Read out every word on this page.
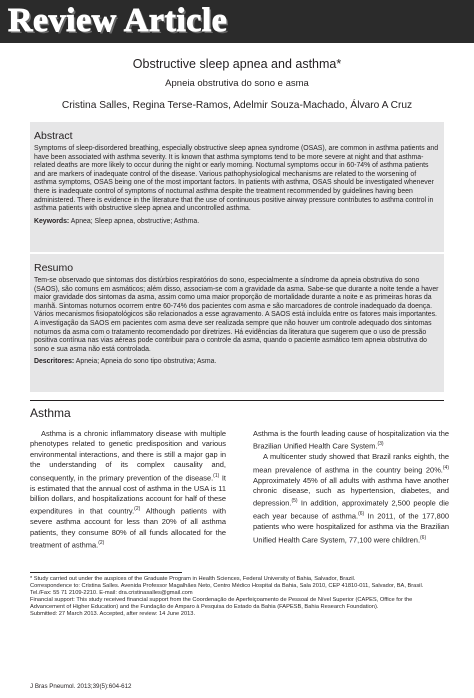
Review Article
Obstructive sleep apnea and asthma*
Apneia obstrutiva do sono e asma
Cristina Salles, Regina Terse-Ramos, Adelmir Souza-Machado, Álvaro A Cruz
Abstract

Symptoms of sleep-disordered breathing, especially obstructive sleep apnea syndrome (OSAS), are common in asthma patients and have been associated with asthma severity. It is known that asthma symptoms tend to be more severe at night and that asthma-related deaths are more likely to occur during the night or early morning. Nocturnal symptoms occur in 60-74% of asthma patients and are markers of inadequate control of the disease. Various pathophysiological mechanisms are related to the worsening of asthma symptoms, OSAS being one of the most important factors. In patients with asthma, OSAS should be investigated whenever there is inadequate control of symptoms of nocturnal asthma despite the treatment recommended by guidelines having been administered. There is evidence in the literature that the use of continuous positive airway pressure contributes to asthma control in asthma patients with obstructive sleep apnea and uncontrolled asthma.

Keywords: Apnea; Sleep apnea, obstructive; Asthma.
Resumo

Tem-se observado que sintomas dos distúrbios respiratórios do sono, especialmente a síndrome da apneia obstrutiva do sono (SAOS), são comuns em asmáticos; além disso, associam-se com a gravidade da asma. Sabe-se que durante a noite tende a haver maior gravidade dos sintomas da asma, assim como uma maior proporção de mortalidade durante a noite e as primeiras horas da manhã. Sintomas noturnos ocorrem entre 60-74% dos pacientes com asma e são marcadores de controle inadequado da doença. Vários mecanismos fisiopatológicos são relacionados a esse agravamento. A SAOS está incluída entre os fatores mais importantes. A investigação da SAOS em pacientes com asma deve ser realizada sempre que não houver um controle adequado dos sintomas noturnos da asma com o tratamento recomendado por diretrizes. Há evidências da literatura que sugerem que o uso de pressão positiva contínua nas vias aéreas pode contribuir para o controle da asma, quando o paciente asmático tem apneia obstrutiva do sono e sua asma não está controlada.

Descritores: Apneia; Apneia do sono tipo obstrutiva; Asma.
Asthma

Asthma is a chronic inflammatory disease with multiple phenotypes related to genetic predisposition and various environmental interactions, and there is still a major gap in the understanding of its complex causality and, consequently, in the primary prevention of the disease.$^{(1)}$ It is estimated that the annual cost of asthma in the USA is 11 billion dollars, and hospitalizations account for half of these expenditures in that country.$^{(2)}$ Although patients with severe asthma account for less than 20% of all asthma patients, they consume 80% of all funds allocated for the treatment of asthma.$^{(2)}$

Asthma is the fourth leading cause of hospitalization via the Brazilian Unified Health Care System.$^{(3)}$

A multicenter study showed that Brazil ranks eighth, the mean prevalence of asthma in the country being 20%.$^{(4)}$ Approximately 45% of all adults with asthma have another chronic disease, such as hypertension, diabetes, and depression.$^{(5)}$ In addition, approximately 2,500 people die each year because of asthma.$^{(6)}$ In 2011, of the 177,800 patients who were hospitalized for asthma via the Brazilian Unified Health Care System, 77,100 were children.$^{(6)}$

* Study carried out under the auspices of the Graduate Program in Health Sciences, Federal University of Bahia, Salvador, Brazil.

Correspondence to: Cristina Salles. Avenida Professor Magalhães Neto, Centro Médico Hospital da Bahia, Sala 2010, CEP 41810-011, Salvador, BA, Brasil.

Tel./Fax: 55 71 2109-2210. E-mail: dra.cristinasalles@gmail.com

Financial support: This study received financial support from the Coordenação de Aperfeiçoamento de Pessoal de Nível Superior (CAPES, Office for the Advancement of Higher Education) and the Fundação de Amparo à Pesquisa do Estado da Bahia (FAPESB, Bahia Research Foundation).

Submitted: 27 March 2013. Accepted, after review: 14 June 2013.

J Bras Pneumol. 2013;39(5):604-612
